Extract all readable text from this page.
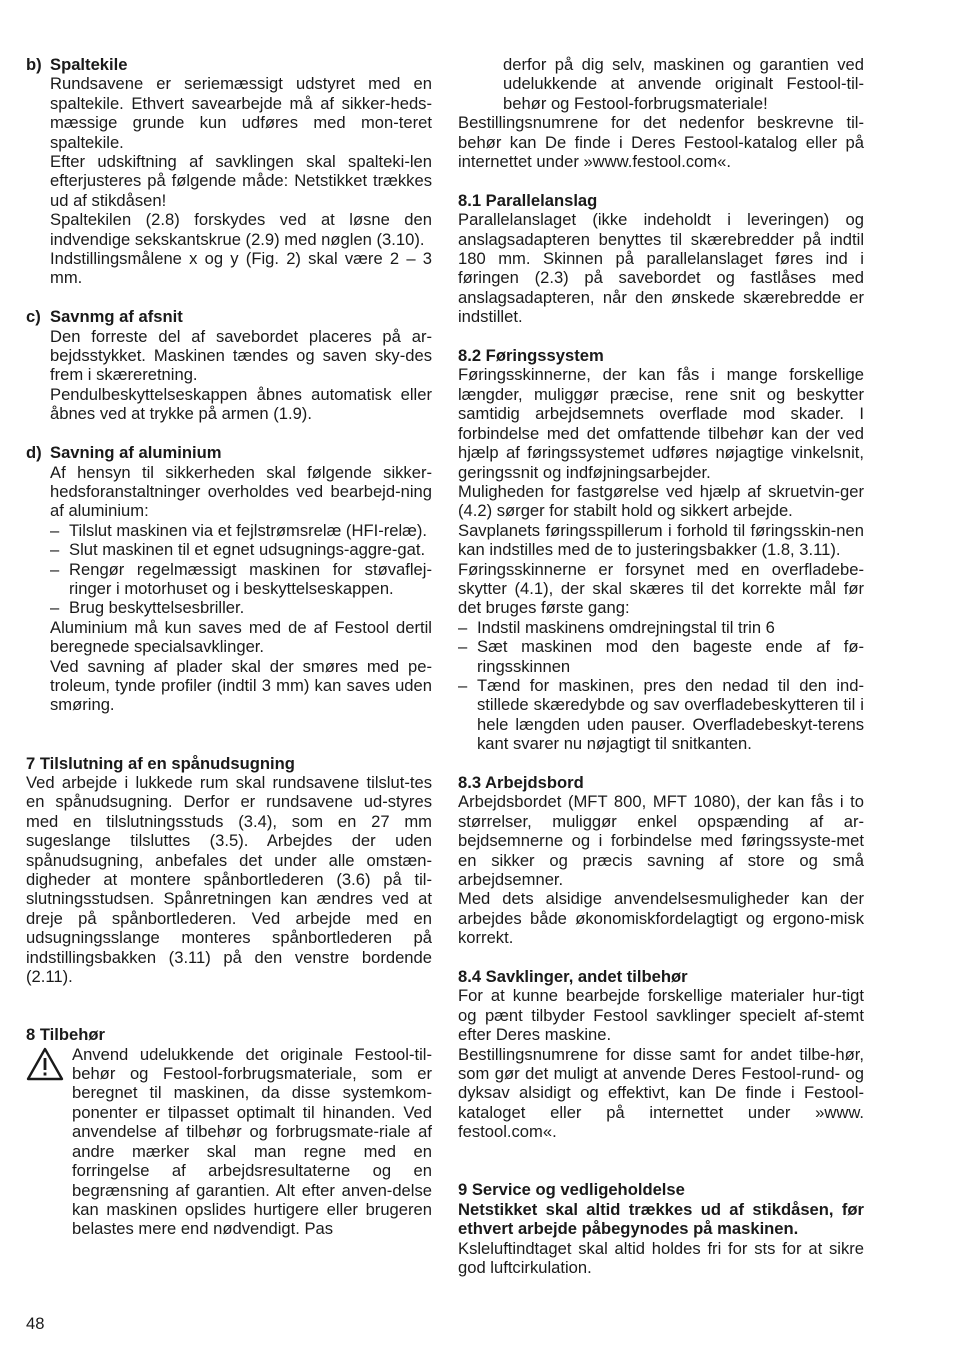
b) Spaltekile

Rundsavene er seriemæssigt udstyret med en spaltekile. Ethvert savearbejde må af sikker-heds- mæssige grunde kun udføres med mon-teret spaltekile.

Efter udskiftning af savklingen skal spalteki-len efterjusteres på følgende måde: Netstikket trækkes ud af stikdåsen!

Spaltekilen (2.8) forskydes ved at løsne den indvendige sekskantskrue (2.9) med nøglen (3.10).

Indstillingsmålene x og y (Fig. 2) skal være 2 – 3 mm.

c) Savnmg af afsnit

Den forreste del af savebordet placeres på ar-bejdsstykket. Maskinen tændes og saven sky-des frem i skæreretning.

Pendulbeskyttelseskappen åbnes automatisk eller åbnes ved at trykke på armen (1.9).

d) Savning af aluminium

Af hensyn til sikkerheden skal følgende sikker-hedsforanstaltninger overholdes ved bearbejd-ning af aluminium:

– Tilslut maskinen via et fejlstrømsrelæ (HFI-relæ).
– Slut maskinen til et egnet udsugnings-aggre-gat.
– Rengør regelmæssigt maskinen for støvaflej-ringer i motorhuset og i beskyttelseskappen.
– Brug beskyttelsesbriller.

Aluminium må kun saves med de af Festool dertil beregnede specialsavklinger.

Ved savning af plader skal der smøres med pe-troleum, tynde profiler (indtil 3 mm) kan saves uden smøring.

7 Tilslutning af en spånudsugning

Ved arbejde i lukkede rum skal rundsavene tilslut-tes en spånudsugning. Derfor er rundsavene ud-styres med en tilslutningsstuds (3.4), som en 27 mm sugeslange tilsluttes (3.5). Arbejdes der uden spånudsugning, anbefales det under alle omstæn-digheder at montere spånbortlederen (3.6) på til-slutningsstudsen. Spånretningen kan ændres ved at dreje på spånbortlederen. Ved arbejde med en udsugningsslange monteres spånbortlederen på indstillingsbakken (3.11) på den venstre bordende (2.11).

8 Tilbehør

Anvend udelukkende det originale Festool-til-behør og Festool-forbrugsmateriale, som er beregnet til maskinen, da disse systemkom-ponenter er tilpasset optimalt til hinanden. Ved anvendelse af tilbehør og forbrugsmate-riale af andre mærker skal man regne med en forringelse af arbejdsresultaterne og en begrænsning af garantien. Alt efter anven-delse kan maskinen opslides hurtigere eller brugeren belastes mere end nødvendigt. Pas

derfor på dig selv, maskinen og garantien ved udelukkende at anvende originalt Festool-til-behør og Festool-forbrugsmateriale!

Bestillingsnumrene for det nedenfor beskrevne til-behør kan De finde i Deres Festool-katalog eller på internettet under »www.festool.com«.

8.1 Parallelanslag

Parallelanslaget (ikke indeholdt i leveringen) og anslagsadapteren benyttes til skærebredder på indtil 180 mm. Skinnen på parallelanslaget føres ind i føringen (2.3) på savebordet og fastlåses med anslagsadapteren, når den ønskede skærebredde er indstillet.

8.2 Føringssystem

Føringsskinnerne, der kan fås i mange forskellige længder, muliggør præcise, rene snit og beskytter samtidig arbejdsemnets overflade mod skader. I forbindelse med det omfattende tilbehør kan der ved hjælp af føringssystemet udføres nøjagtige vinkelsnit, geringssnit og indføjningsarbejder.

Muligheden for fastgørelse ved hjælp af skruetvin-ger (4.2) sørger for stabilt hold og sikkert arbejde.

Savplanets føringsspillerum i forhold til føringsskin-nen kan indstilles med de to justeringsbakker (1.8, 3.11).

Føringsskinnerne er forsynet med en overfladebe-skytter (4.1), der skal skæres til det korrekte mål før det bruges første gang:

– Indstil maskinens omdrejningstal til trin 6
– Sæt maskinen mod den bageste ende af fø-ringsskinnen
– Tænd for maskinen, pres den nedad til den ind-stillede skæredybde og sav overfladebeskytteren til i hele længden uden pauser. Overfladebeskyt-terens kant svarer nu nøjagtigt til snitkanten.
8.3 Arbejdsbord

Arbejdsbordet (MFT 800, MFT 1080), der kan fås i to størrelser, muliggør enkel opspænding af ar-bejdsemnerne og i forbindelse med føringssyste-met en sikker og præcis savning af store og små arbejdsemner.

Med dets alsidige anvendelsesmuligheder kan der arbejdes både økonomiskfordelagtigt og ergono-misk korrekt.

8.4 Savklinger, andet tilbehør

For at kunne bearbejde forskellige materialer hur-tigt og pænt tilbyder Festool savklinger specielt af-stemt efter Deres maskine.

Bestillingsnumrene for disse samt for andet tilbe-hør, som gør det muligt at anvende Deres Festool-rund- og dyksav alsidigt og effektivt, kan De finde i Festool-kataloget eller på internettet under »www. festool.com«.

9 Service og vedligeholdelse

Netstikket skal altid trækkes ud af stikdåsen, før ethvert arbejde påbegynodes på maskinen.

Ksleluftindtaget skal altid holdes fri for sts for at sikre god luftcirkulation.

48
